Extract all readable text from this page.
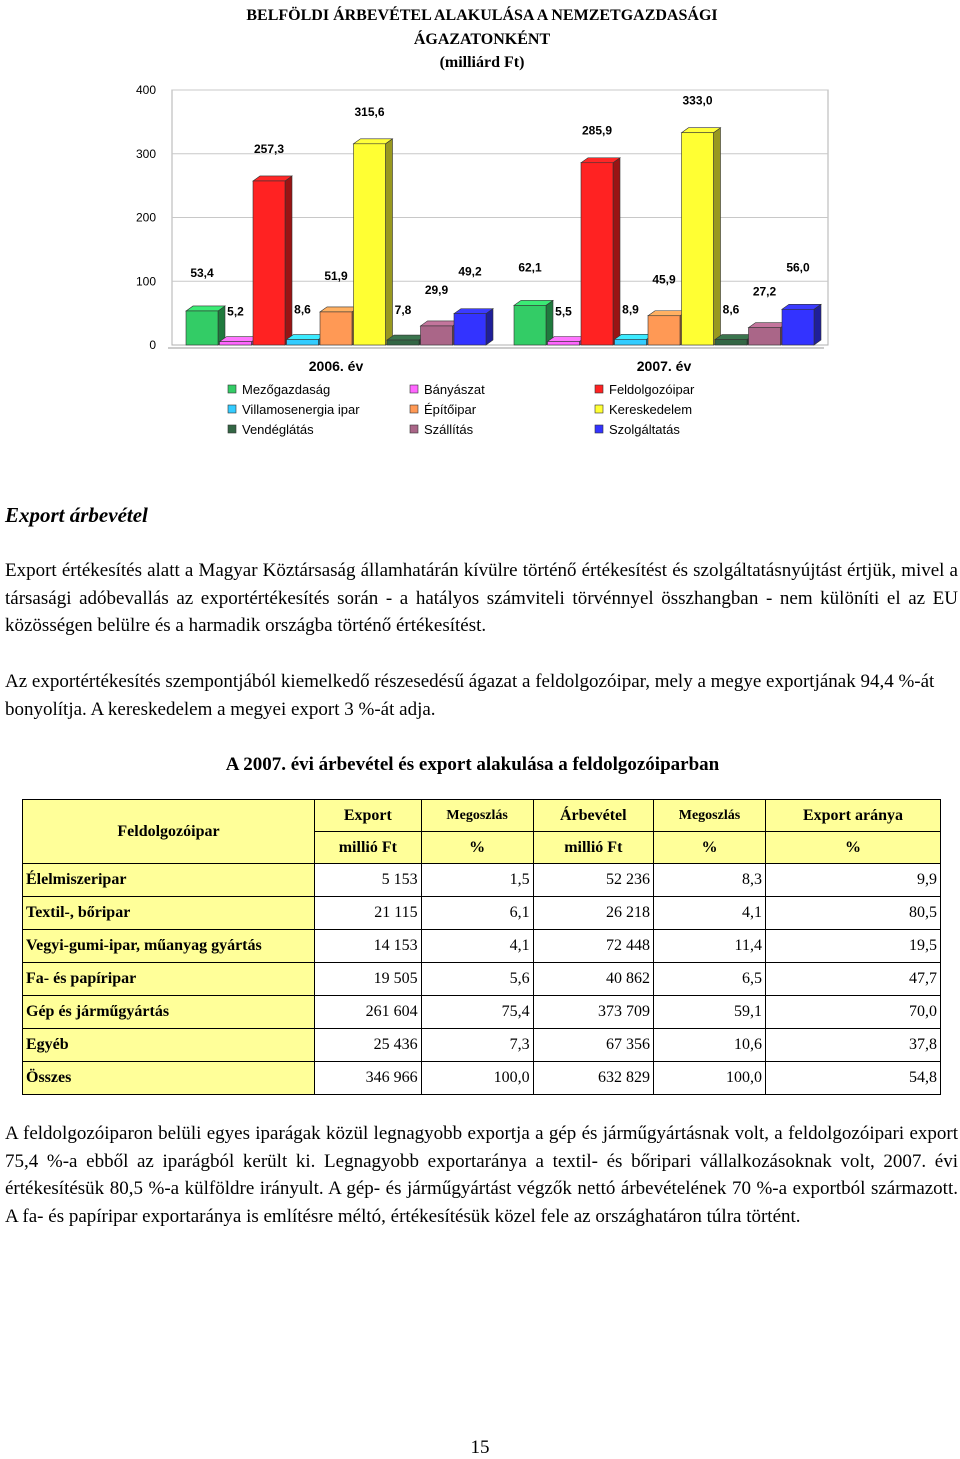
BELFÖLDI ÁRBEVÉTEL ALAKULÁSA A NEMZETGAZDASÁGI
ÁGAZATONKÉNT
(milliárd Ft)
0
100
200
300
400
53,4
5,2
257,3
8,6
51,9
315,6
7,8
29,9
49,2	62,1
5,5
285,9
8,9
45,9
333,0
8,6
27,2
56,0
2006. év	2007. év
Mezőgazdaság	Bányászat	Feldolgozóipar
Villamosenergia ipar	Építőipar	Kereskedelem
Vendéglátás	Szállítás	Szolgáltatás
Export árbevétel

Export értékesítés alatt a Magyar Köztársaság államhatárán kívülre történő értékesítést és szolgáltatásnyújtást értjük, mivel a társasági adóbevallás az exportértékesítés során - a hatályos számviteli törvénnyel összhangban - nem különíti el az EU közösségen belülre és a harmadik országba történő értékesítést.

Az exportértékesítés szempontjából kiemelkedő részesedésű ágazat a feldolgozóipar, mely a megye exportjának 94,4 %-át bonyolítja. A kereskedelem a megyei export 3 %-át adja.

A 2007. évi árbevétel és export alakulása a feldolgozóiparban
Feldolgozóipar	Export	Megoszlás	Árbevétel	Megoszlás	Export aránya
	millió Ft	%	millió Ft	%	%
Élelmiszeripar	5 153	1,5	52 236	8,3	9,9
Textil-, bőripar	21 115	6,1	26 218	4,1	80,5
Vegyi-gumi-ipar, műanyag gyártás	14 153	4,1	72 448	11,4	19,5
Fa- és papíripar	19 505	5,6	40 862	6,5	47,7
Gép és járműgyártás	261 604	75,4	373 709	59,1	70,0
Egyéb	25 436	7,3	67 356	10,6	37,8
Összes	346 966	100,0	632 829	100,0	54,8

A feldolgozóiparon belüli egyes iparágak közül legnagyobb exportja a gép és járműgyártásnak volt, a feldolgozóipari export 75,4 %-a ebből az iparágból került ki. Legnagyobb exportaránya a textil- és bőripari vállalkozásoknak volt, 2007. évi értékesítésük 80,5 %-a külföldre irányult. A gép- és járműgyártást végzők nettó árbevételének 70 %-a exportból származott. A fa- és papíripar exportaránya is említésre méltó, értékesítésük közel fele az országhatáron túlra történt.

15
